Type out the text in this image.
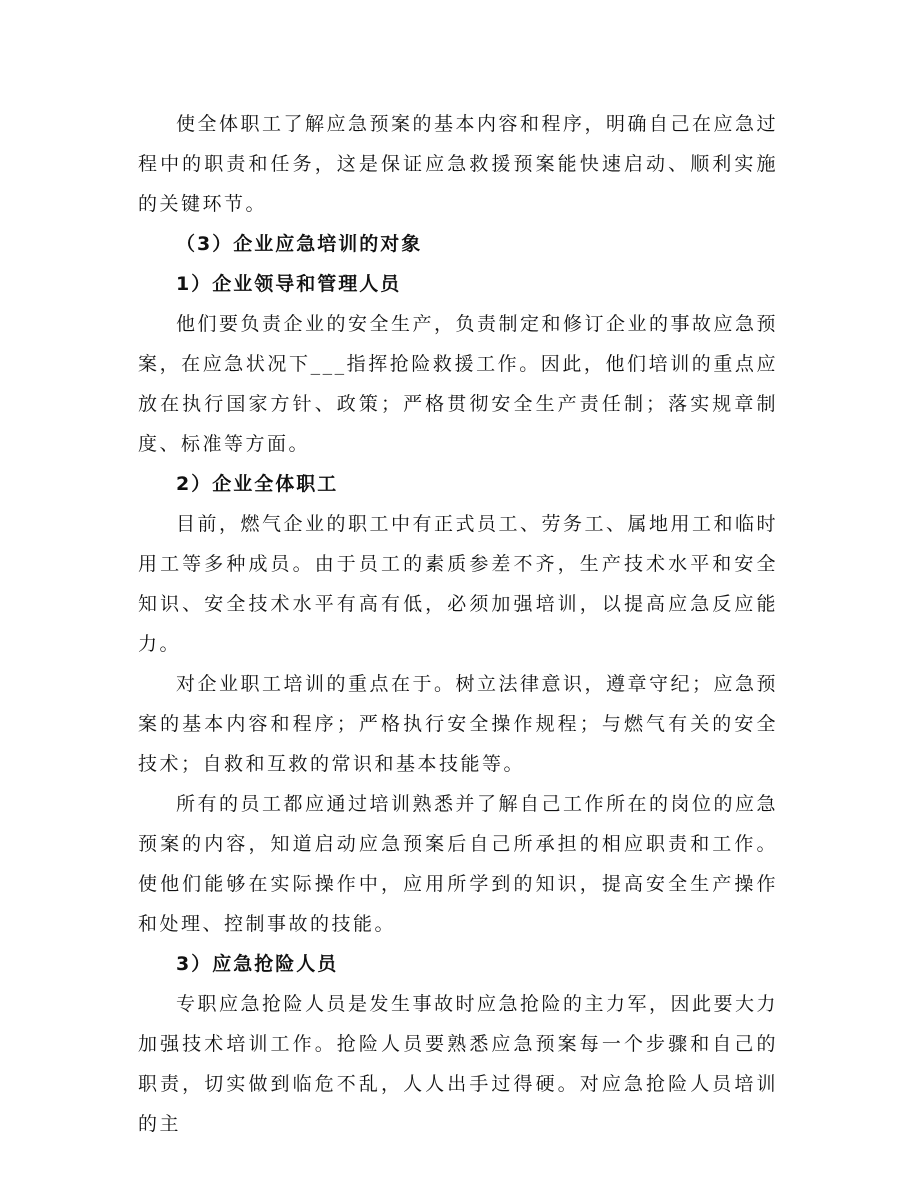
使全体职工了解应急预案的基本内容和程序，明确自己在应急过程中的职责和任务，这是保证应急救援预案能快速启动、顺利实施的关键环节。

（3）企业应急培训的对象

1）企业领导和管理人员

他们要负责企业的安全生产，负责制定和修订企业的事故应急预案，在应急状况下___指挥抢险救援工作。因此，他们培训的重点应放在执行国家方针、政策；严格贯彻安全生产责任制；落实规章制度、标准等方面。

2）企业全体职工

目前，燃气企业的职工中有正式员工、劳务工、属地用工和临时用工等多种成员。由于员工的素质参差不齐，生产技术水平和安全知识、安全技术水平有高有低，必须加强培训，以提高应急反应能力。

对企业职工培训的重点在于。树立法律意识，遵章守纪；应急预案的基本内容和程序；严格执行安全操作规程；与燃气有关的安全技术；自救和互救的常识和基本技能等。

所有的员工都应通过培训熟悉并了解自己工作所在的岗位的应急预案的内容，知道启动应急预案后自己所承担的相应职责和工作。使他们能够在实际操作中，应用所学到的知识，提高安全生产操作和处理、控制事故的技能。

3）应急抢险人员

专职应急抢险人员是发生事故时应急抢险的主力军，因此要大力加强技术培训工作。抢险人员要熟悉应急预案每一个步骤和自己的职责，切实做到临危不乱，人人出手过得硬。对应急抢险人员培训的主
